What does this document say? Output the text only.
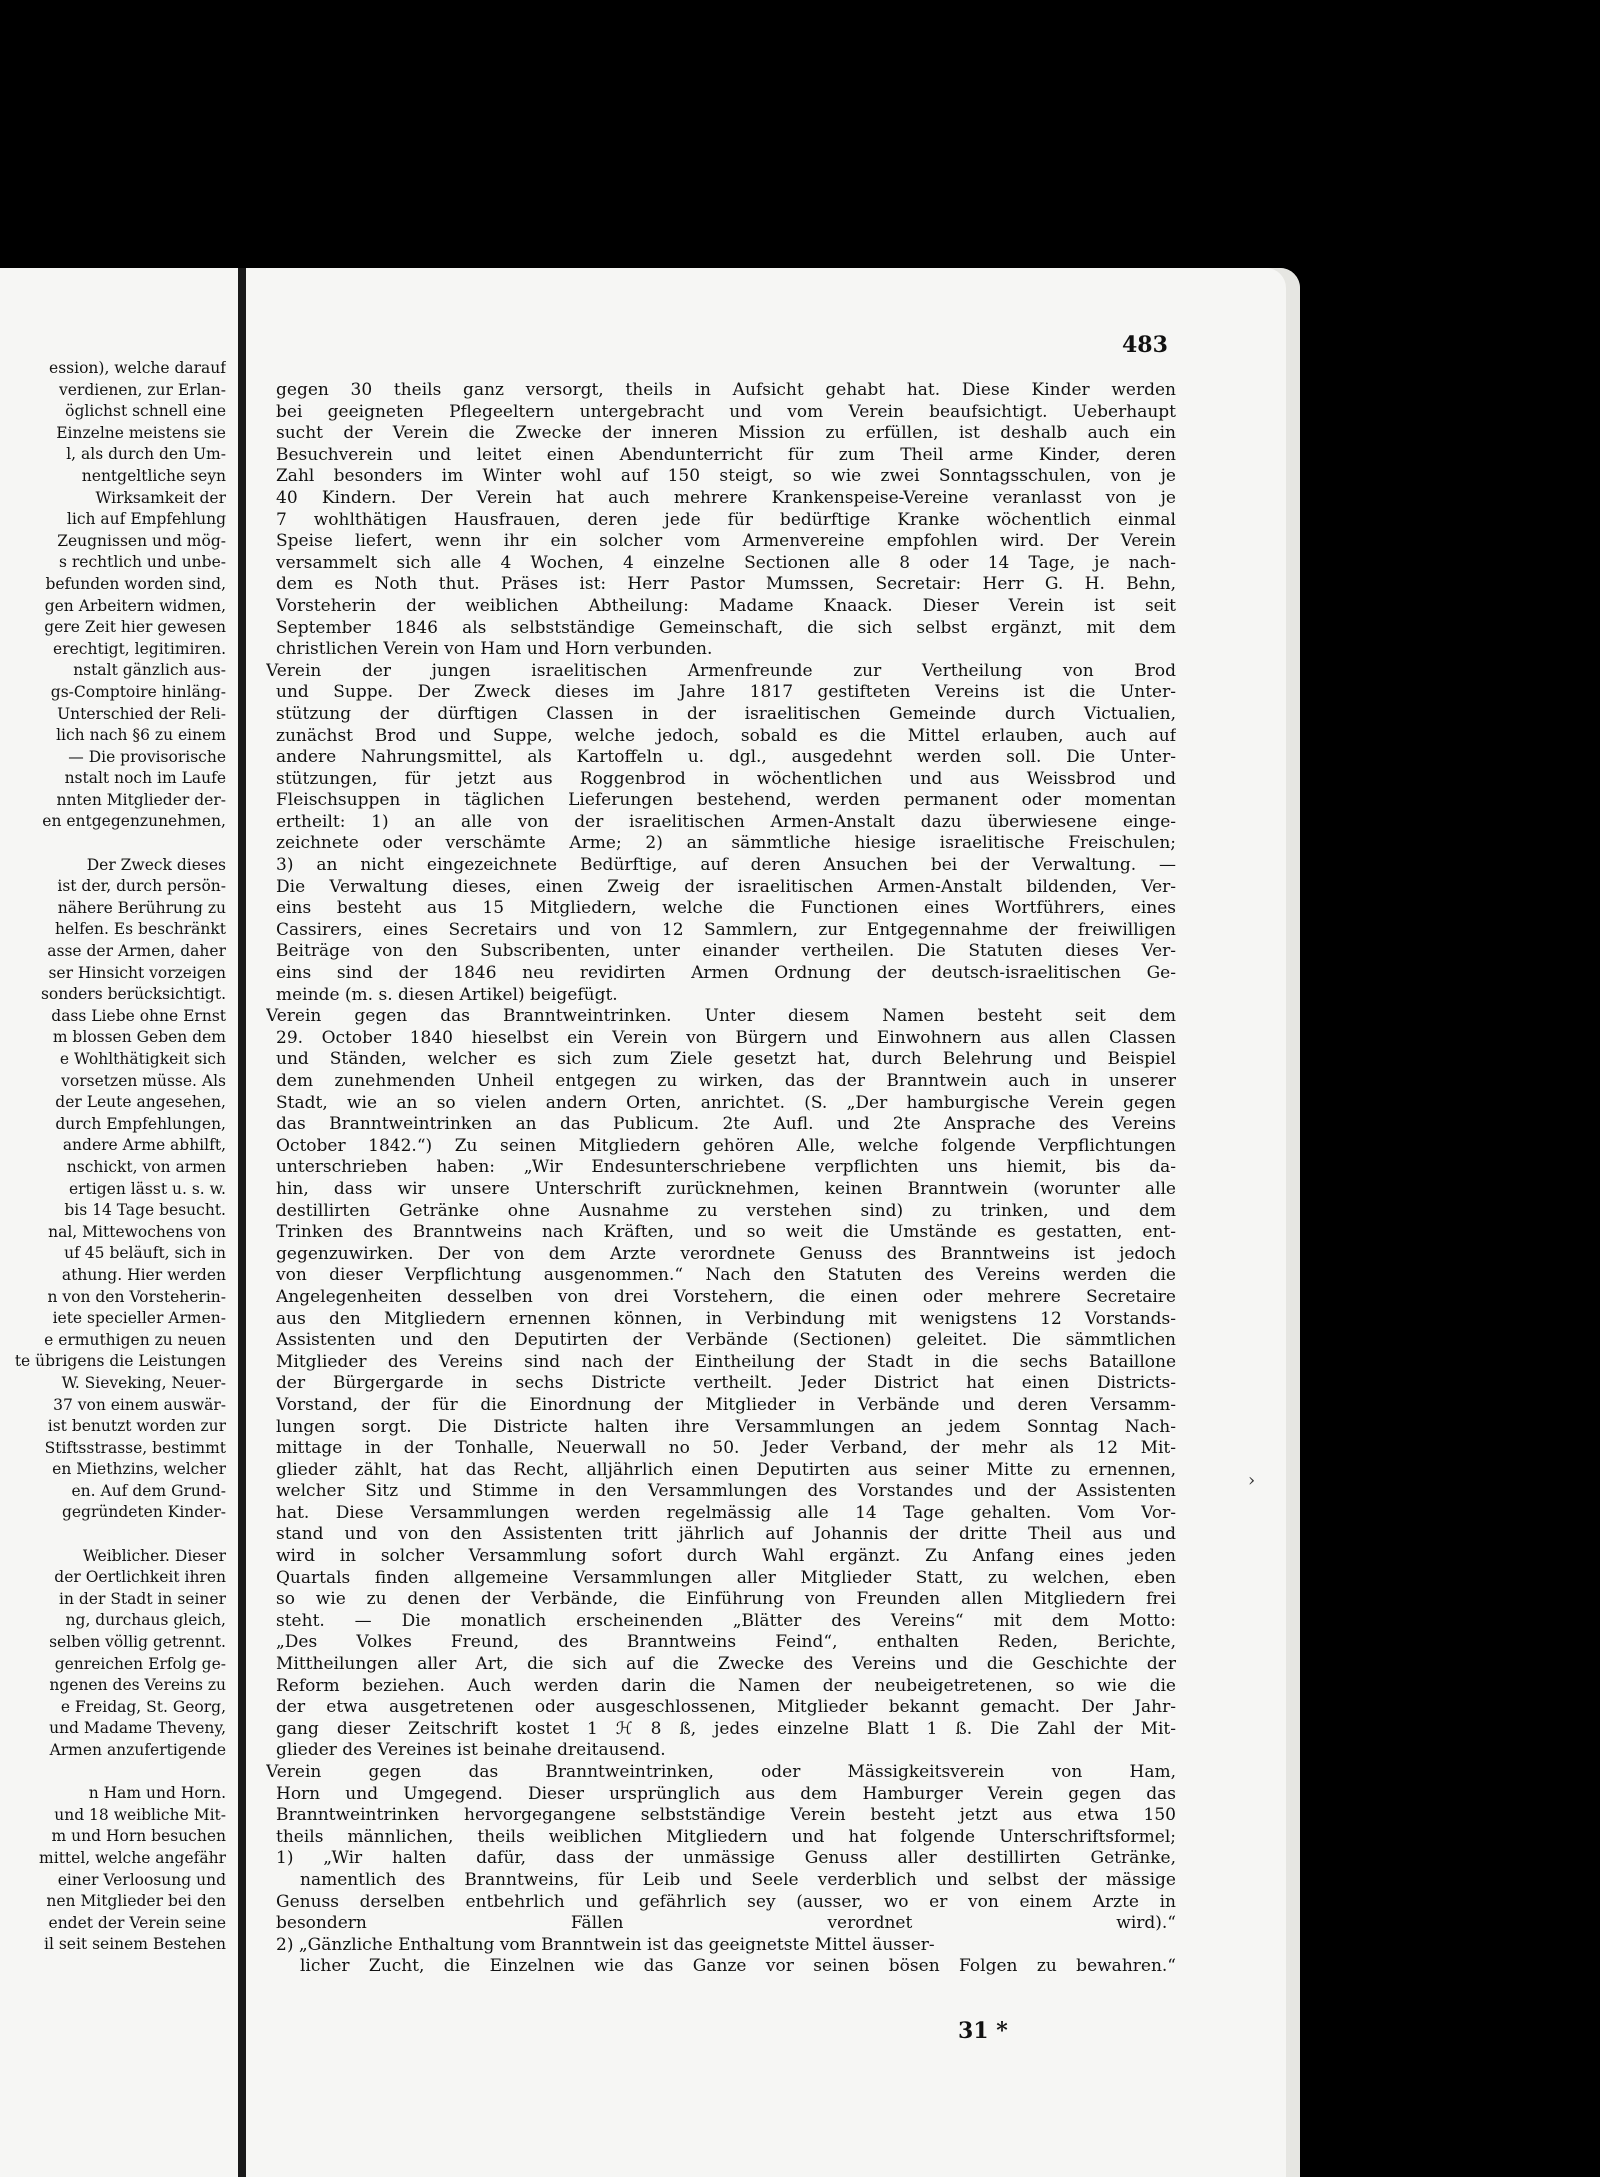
ession), welche darauf
verdienen, zur Erlan-
öglichst schnell eine
Einzelne meistens sie
l, als durch den Um-
nentgeltliche seyn
Wirksamkeit der
lich auf Empfehlung
Zeugnissen und mög-
s rechtlich und unbe-
befunden worden sind,
gen Arbeitern widmen,
gere Zeit hier gewesen
erechtigt, legitimiren.
nstalt gänzlich aus-
gs-Comptoire hinläng-
Unterschied der Reli-
lich nach §6 zu einem
— Die provisorische
nstalt noch im Laufe
nnten Mitglieder der-
en entgegenzunehmen,

Der Zweck dieses
ist der, durch persön-
nähere Berührung zu
helfen. Es beschränkt
asse der Armen, daher
ser Hinsicht vorzeigen
sonders berücksichtigt.
dass Liebe ohne Ernst
m blossen Geben dem
e Wohlthätigkeit sich
vorsetzen müsse. Als
der Leute angesehen,
durch Empfehlungen,
andere Arme abhilft,
nschickt, von armen
ertigen lässt u. s. w.
bis 14 Tage besucht.
nal, Mittewochens von
uf 45 beläuft, sich in
athung. Hier werden
n von den Vorsteherin-
iete specieller Armen-
e ermuthigen zu neuen
te übrigens die Leistungen
W. Sieveking, Neuer-
37 von einem auswär-
ist benutzt worden zur
Stiftsstrasse, bestimmt
en Miethzins, welcher
en. Auf dem Grund-
gegründeten Kinder-

Weiblicher. Dieser
der Oertlichkeit ihren
in der Stadt in seiner
ng, durchaus gleich,
selben völlig getrennt.
genreichen Erfolg ge-
ngenen des Vereins zu
e Freidag, St. Georg,
und Madame Theveny,
Armen anzufertigende

n Ham und Horn.
und 18 weibliche Mit-
m und Horn besuchen
mittel, welche angefähr
einer Verloosung und
nen Mitglieder bei den
endet der Verein seine
il seit seinem Bestehen
483
gegen 30 theils ganz versorgt, theils in Aufsicht gehabt hat. Diese Kinder werden
bei geeigneten Pflegeeltern untergebracht und vom Verein beaufsichtigt. Ueberhaupt
sucht der Verein die Zwecke der inneren Mission zu erfüllen, ist deshalb auch ein
Besuchverein und leitet einen Abendunterricht für zum Theil arme Kinder, deren
Zahl besonders im Winter wohl auf 150 steigt, so wie zwei Sonntagsschulen, von je
40 Kindern. Der Verein hat auch mehrere Krankenspeise-Vereine veranlasst von je
7 wohlthätigen Hausfrauen, deren jede für bedürftige Kranke wöchentlich einmal
Speise liefert, wenn ihr ein solcher vom Armenvereine empfohlen wird. Der Verein
versammelt sich alle 4 Wochen, 4 einzelne Sectionen alle 8 oder 14 Tage, je nach-
dem es Noth thut. Präses ist: Herr Pastor Mumssen, Secretair: Herr G. H. Behn,
Vorsteherin der weiblichen Abtheilung: Madame Knaack. Dieser Verein ist seit
September 1846 als selbstständige Gemeinschaft, die sich selbst ergänzt, mit dem
christlichen Verein von Ham und Horn verbunden.
Verein der jungen israelitischen Armenfreunde zur Vertheilung von Brod
und Suppe. Der Zweck dieses im Jahre 1817 gestifteten Vereins ist die Unter-
stützung der dürftigen Classen in der israelitischen Gemeinde durch Victualien,
zunächst Brod und Suppe, welche jedoch, sobald es die Mittel erlauben, auch auf
andere Nahrungsmittel, als Kartoffeln u. dgl., ausgedehnt werden soll. Die Unter-
stützungen, für jetzt aus Roggenbrod in wöchentlichen und aus Weissbrod und
Fleischsuppen in täglichen Lieferungen bestehend, werden permanent oder momentan
ertheilt: 1) an alle von der israelitischen Armen-Anstalt dazu überwiesene einge-
zeichnete oder verschämte Arme; 2) an sämmtliche hiesige israelitische Freischulen;
3) an nicht eingezeichnete Bedürftige, auf deren Ansuchen bei der Verwaltung. —
Die Verwaltung dieses, einen Zweig der israelitischen Armen-Anstalt bildenden, Ver-
eins besteht aus 15 Mitgliedern, welche die Functionen eines Wortführers, eines
Cassirers, eines Secretairs und von 12 Sammlern, zur Entgegennahme der freiwilligen
Beiträge von den Subscribenten, unter einander vertheilen. Die Statuten dieses Ver-
eins sind der 1846 neu revidirten Armen Ordnung der deutsch-israelitischen Ge-
meinde (m. s. diesen Artikel) beigefügt.
Verein gegen das Branntweintrinken. Unter diesem Namen besteht seit dem
29. October 1840 hieselbst ein Verein von Bürgern und Einwohnern aus allen Classen
und Ständen, welcher es sich zum Ziele gesetzt hat, durch Belehrung und Beispiel
dem zunehmenden Unheil entgegen zu wirken, das der Branntwein auch in unserer
Stadt, wie an so vielen andern Orten, anrichtet. (S. „Der hamburgische Verein gegen
das Branntweintrinken an das Publicum. 2te Aufl. und 2te Ansprache des Vereins
October 1842.“) Zu seinen Mitgliedern gehören Alle, welche folgende Verpflichtungen
unterschrieben haben: „Wir Endesunterschriebene verpflichten uns hiemit, bis da-
hin, dass wir unsere Unterschrift zurücknehmen, keinen Branntwein (worunter alle
destillirten Getränke ohne Ausnahme zu verstehen sind) zu trinken, und dem
Trinken des Branntweins nach Kräften, und so weit die Umstände es gestatten, ent-
gegenzuwirken. Der von dem Arzte verordnete Genuss des Branntweins ist jedoch
von dieser Verpflichtung ausgenommen.“ Nach den Statuten des Vereins werden die
Angelegenheiten desselben von drei Vorstehern, die einen oder mehrere Secretaire
aus den Mitgliedern ernennen können, in Verbindung mit wenigstens 12 Vorstands-
Assistenten und den Deputirten der Verbände (Sectionen) geleitet. Die sämmtlichen
Mitglieder des Vereins sind nach der Eintheilung der Stadt in die sechs Bataillone
der Bürgergarde in sechs Districte vertheilt. Jeder District hat einen Districts-
Vorstand, der für die Einordnung der Mitglieder in Verbände und deren Versamm-
lungen sorgt. Die Districte halten ihre Versammlungen an jedem Sonntag Nach-
mittage in der Tonhalle, Neuerwall no 50. Jeder Verband, der mehr als 12 Mit-
glieder zählt, hat das Recht, alljährlich einen Deputirten aus seiner Mitte zu ernennen,
welcher Sitz und Stimme in den Versammlungen des Vorstandes und der Assistenten
hat. Diese Versammlungen werden regelmässig alle 14 Tage gehalten. Vom Vor-
stand und von den Assistenten tritt jährlich auf Johannis der dritte Theil aus und
wird in solcher Versammlung sofort durch Wahl ergänzt. Zu Anfang eines jeden
Quartals finden allgemeine Versammlungen aller Mitglieder Statt, zu welchen, eben
so wie zu denen der Verbände, die Einführung von Freunden allen Mitgliedern frei
steht. — Die monatlich erscheinenden „Blätter des Vereins“ mit dem Motto:
„Des Volkes Freund, des Branntweins Feind“, enthalten Reden, Berichte,
Mittheilungen aller Art, die sich auf die Zwecke des Vereins und die Geschichte der
Reform beziehen. Auch werden darin die Namen der neubeigetretenen, so wie die
der etwa ausgetretenen oder ausgeschlossenen, Mitglieder bekannt gemacht. Der Jahr-
gang dieser Zeitschrift kostet 1 ℋ 8 ß, jedes einzelne Blatt 1 ß. Die Zahl der Mit-
glieder des Vereines ist beinahe dreitausend.
Verein gegen das Branntweintrinken, oder Mässigkeitsverein von Ham,
Horn und Umgegend. Dieser ursprünglich aus dem Hamburger Verein gegen das
Branntweintrinken hervorgegangene selbstständige Verein besteht jetzt aus etwa 150
theils männlichen, theils weiblichen Mitgliedern und hat folgende Unterschriftsformel;
1) „Wir halten dafür, dass der unmässige Genuss aller destillirten Getränke,
namentlich des Branntweins, für Leib und Seele verderblich und selbst der mässige
Genuss derselben entbehrlich und gefährlich sey (ausser, wo er von einem Arzte in
besondern Fällen verordnet wird).“
2) „Gänzliche Enthaltung vom Branntwein ist das geeignetste Mittel äusser-
licher Zucht, die Einzelnen wie das Ganze vor seinen bösen Folgen zu bewahren.“
31 *
›
